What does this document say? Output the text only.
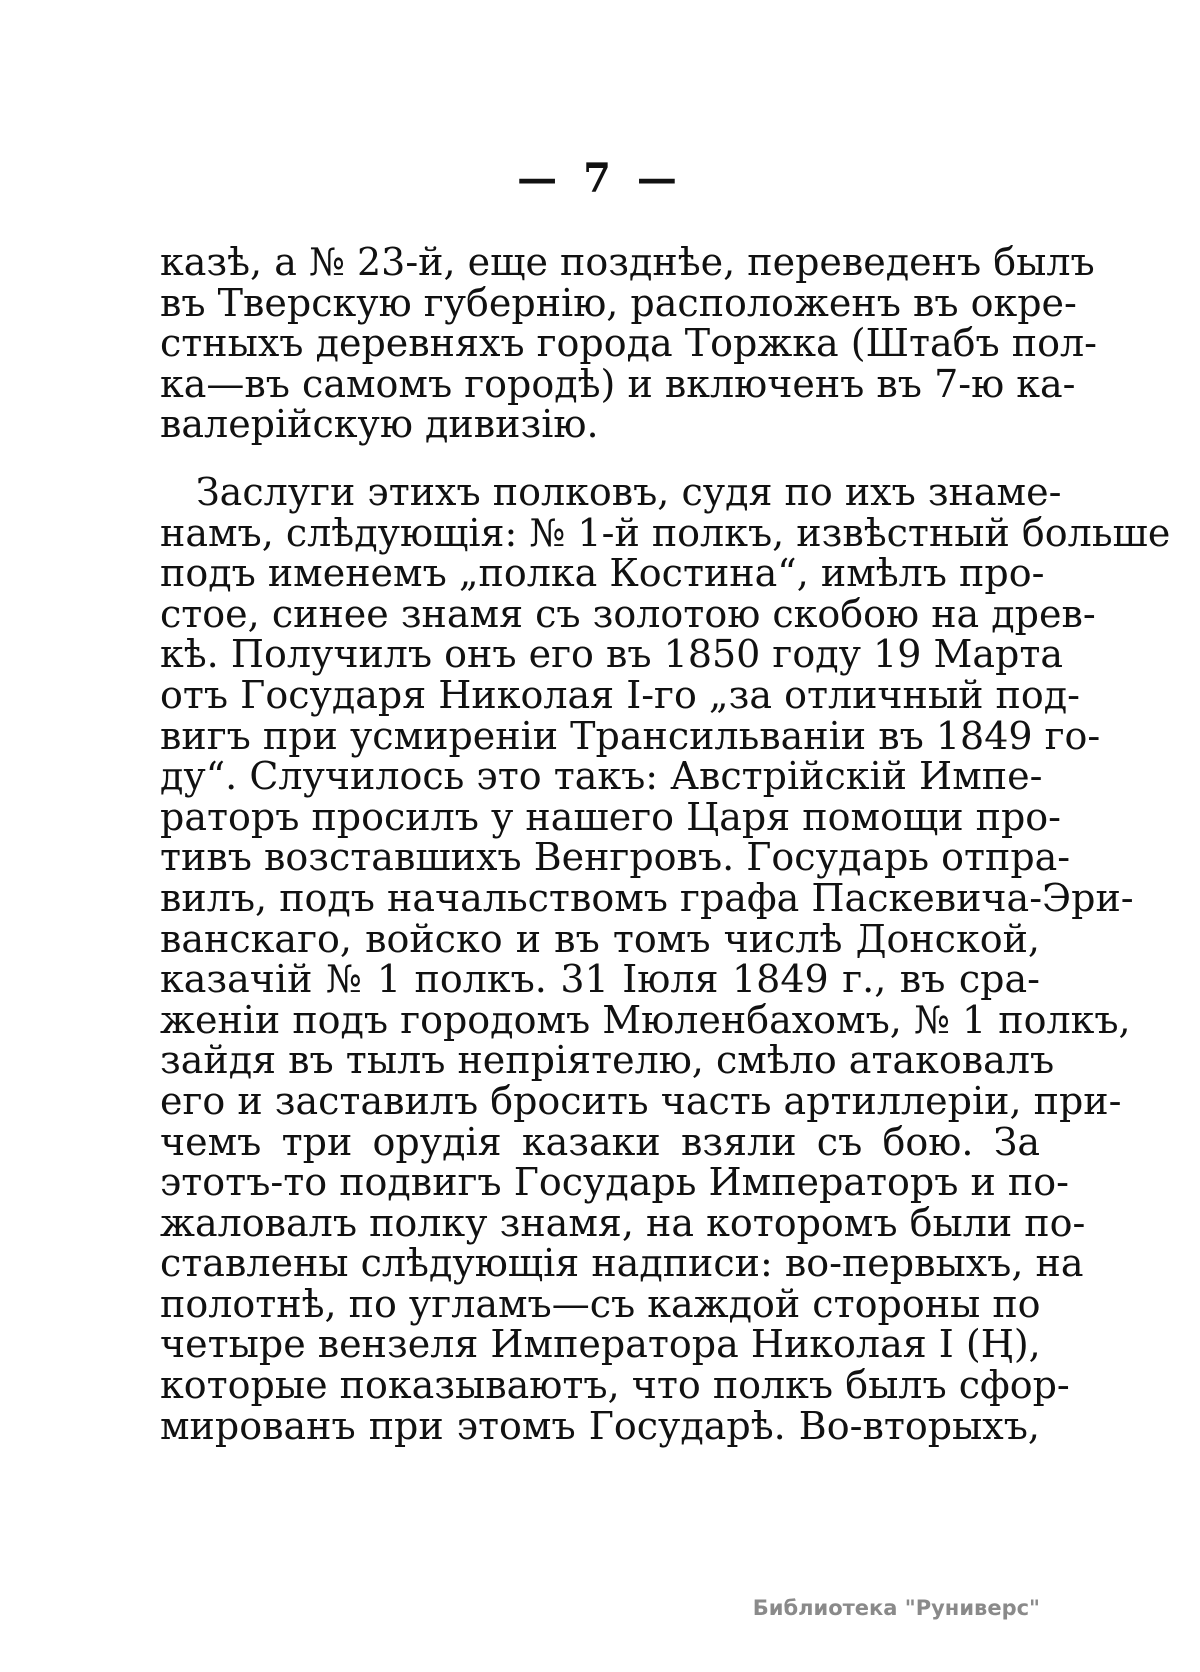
— 7 —
казѣ, а № 23-й, еще позднѣе, переведенъ былъ
въ Тверскую губернію, расположенъ въ окре-
стныхъ деревняхъ города Торжка (Штабъ пол-
ка—въ самомъ городѣ) и включенъ въ 7-ю ка-
валерійскую дивизію.
Заслуги этихъ полковъ, судя по ихъ знаме-
намъ, слѣдующія: № 1-й полкъ, извѣстный больше
подъ именемъ „полка Костина“, имѣлъ про-
стое, синее знамя съ золотою скобою на древ-
кѣ. Получилъ онъ его въ 1850 году 19 Марта
отъ Государя Николая I-го „за отличный под-
вигъ при усмиреніи Трансильваніи въ 1849 го-
ду“. Случилось это такъ: Австрійскій Импе-
раторъ просилъ у нашего Царя помощи про-
тивъ возставшихъ Венгровъ. Государь отпра-
вилъ, подъ начальствомъ графа Паскевича-Эри-
ванскаго, войско и въ томъ числѣ Донской,
казачій № 1 полкъ. 31 Іюля 1849 г., въ сра-
женіи подъ городомъ Мюленбахомъ, № 1 полкъ,
зайдя въ тылъ непріятелю, смѣло атаковалъ
его и заставилъ бросить часть артиллеріи, при-
чемъ три орудія казаки взяли съ бою. За
этотъ-то подвигъ Государь Императоръ и по-
жаловалъ полку знамя, на которомъ были по-
ставлены слѣдующія надписи: во-первыхъ, на
полотнѣ, по угламъ—съ каждой стороны по
четыре вензеля Императора Николая I (Ң),
которые показываютъ, что полкъ былъ сфор-
мированъ при этомъ Государѣ. Во-вторыхъ,
Библиотека "Руниверс"
